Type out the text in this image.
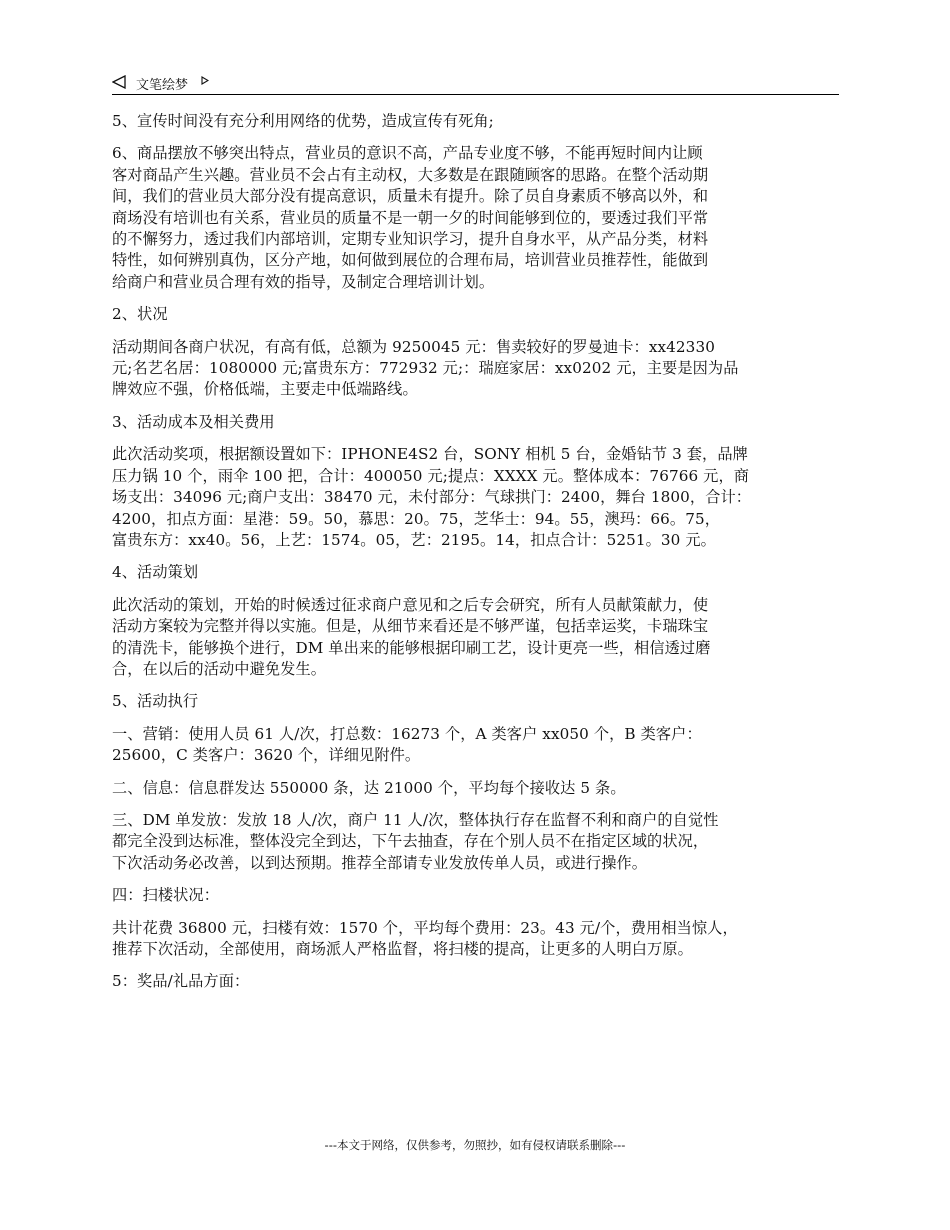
文笔绘梦

5、宣传时间没有充分利用网络的优势，造成宣传有死角;

6、商品摆放不够突出特点，营业员的意识不高，产品专业度不够，不能再短时间内让顾
客对商品产生兴趣。营业员不会占有主动权，大多数是在跟随顾客的思路。在整个活动期
间，我们的营业员大部分没有提高意识，质量未有提升。除了员自身素质不够高以外，和
商场没有培训也有关系，营业员的质量不是一朝一夕的时间能够到位的，要透过我们平常
的不懈努力，透过我们内部培训，定期专业知识学习，提升自身水平，从产品分类，材料
特性，如何辨别真伪，区分产地，如何做到展位的合理布局，培训营业员推荐性，能做到
给商户和营业员合理有效的指导，及制定合理培训计划。

2、状况

活动期间各商户状况，有高有低，总额为 9250045 元：售卖较好的罗曼迪卡：xx42330
元;名艺名居：1080000 元;富贵东方：772932 元;：瑞庭家居：xx0202 元，主要是因为品
牌效应不强，价格低端，主要走中低端路线。

3、活动成本及相关费用

此次活动奖项，根据额设置如下：IPHONE4S2 台，SONY 相机 5 台，金婚钻节 3 套，品牌
压力锅 10 个，雨伞 100 把，合计：400050 元;提点：XXXX 元。整体成本：76766 元，商
场支出：34096 元;商户支出：38470 元，未付部分：气球拱门：2400，舞台 1800，合计：
4200，扣点方面：星港：59。50，慕思：20。75，芝华士：94。55，澳玛：66。75，
富贵东方：xx40。56，上艺：1574。05，艺：2195。14，扣点合计：5251。30 元。

4、活动策划

此次活动的策划，开始的时候透过征求商户意见和之后专会研究，所有人员献策献力，使
活动方案较为完整并得以实施。但是，从细节来看还是不够严谨，包括幸运奖，卡瑞珠宝
的清洗卡，能够换个进行，DM 单出来的能够根据印刷工艺，设计更亮一些，相信透过磨
合，在以后的活动中避免发生。

5、活动执行

一、营销：使用人员 61 人/次，打总数：16273 个，A 类客户 xx050 个，B 类客户：
25600，C 类客户：3620 个，详细见附件。

二、信息：信息群发达 550000 条，达 21000 个，平均每个接收达 5 条。

三、DM 单发放：发放 18 人/次，商户 11 人/次，整体执行存在监督不利和商户的自觉性
都完全没到达标准，整体没完全到达，下午去抽查，存在个别人员不在指定区域的状况，
下次活动务必改善，以到达预期。推荐全部请专业发放传单人员，或进行操作。

四：扫楼状况：

共计花费 36800 元，扫楼有效：1570 个，平均每个费用：23。43 元/个，费用相当惊人，
推荐下次活动，全部使用，商场派人严格监督，将扫楼的提高，让更多的人明白万原。

5：奖品/礼品方面：

---本文于网络，仅供参考，勿照抄，如有侵权请联系删除---
